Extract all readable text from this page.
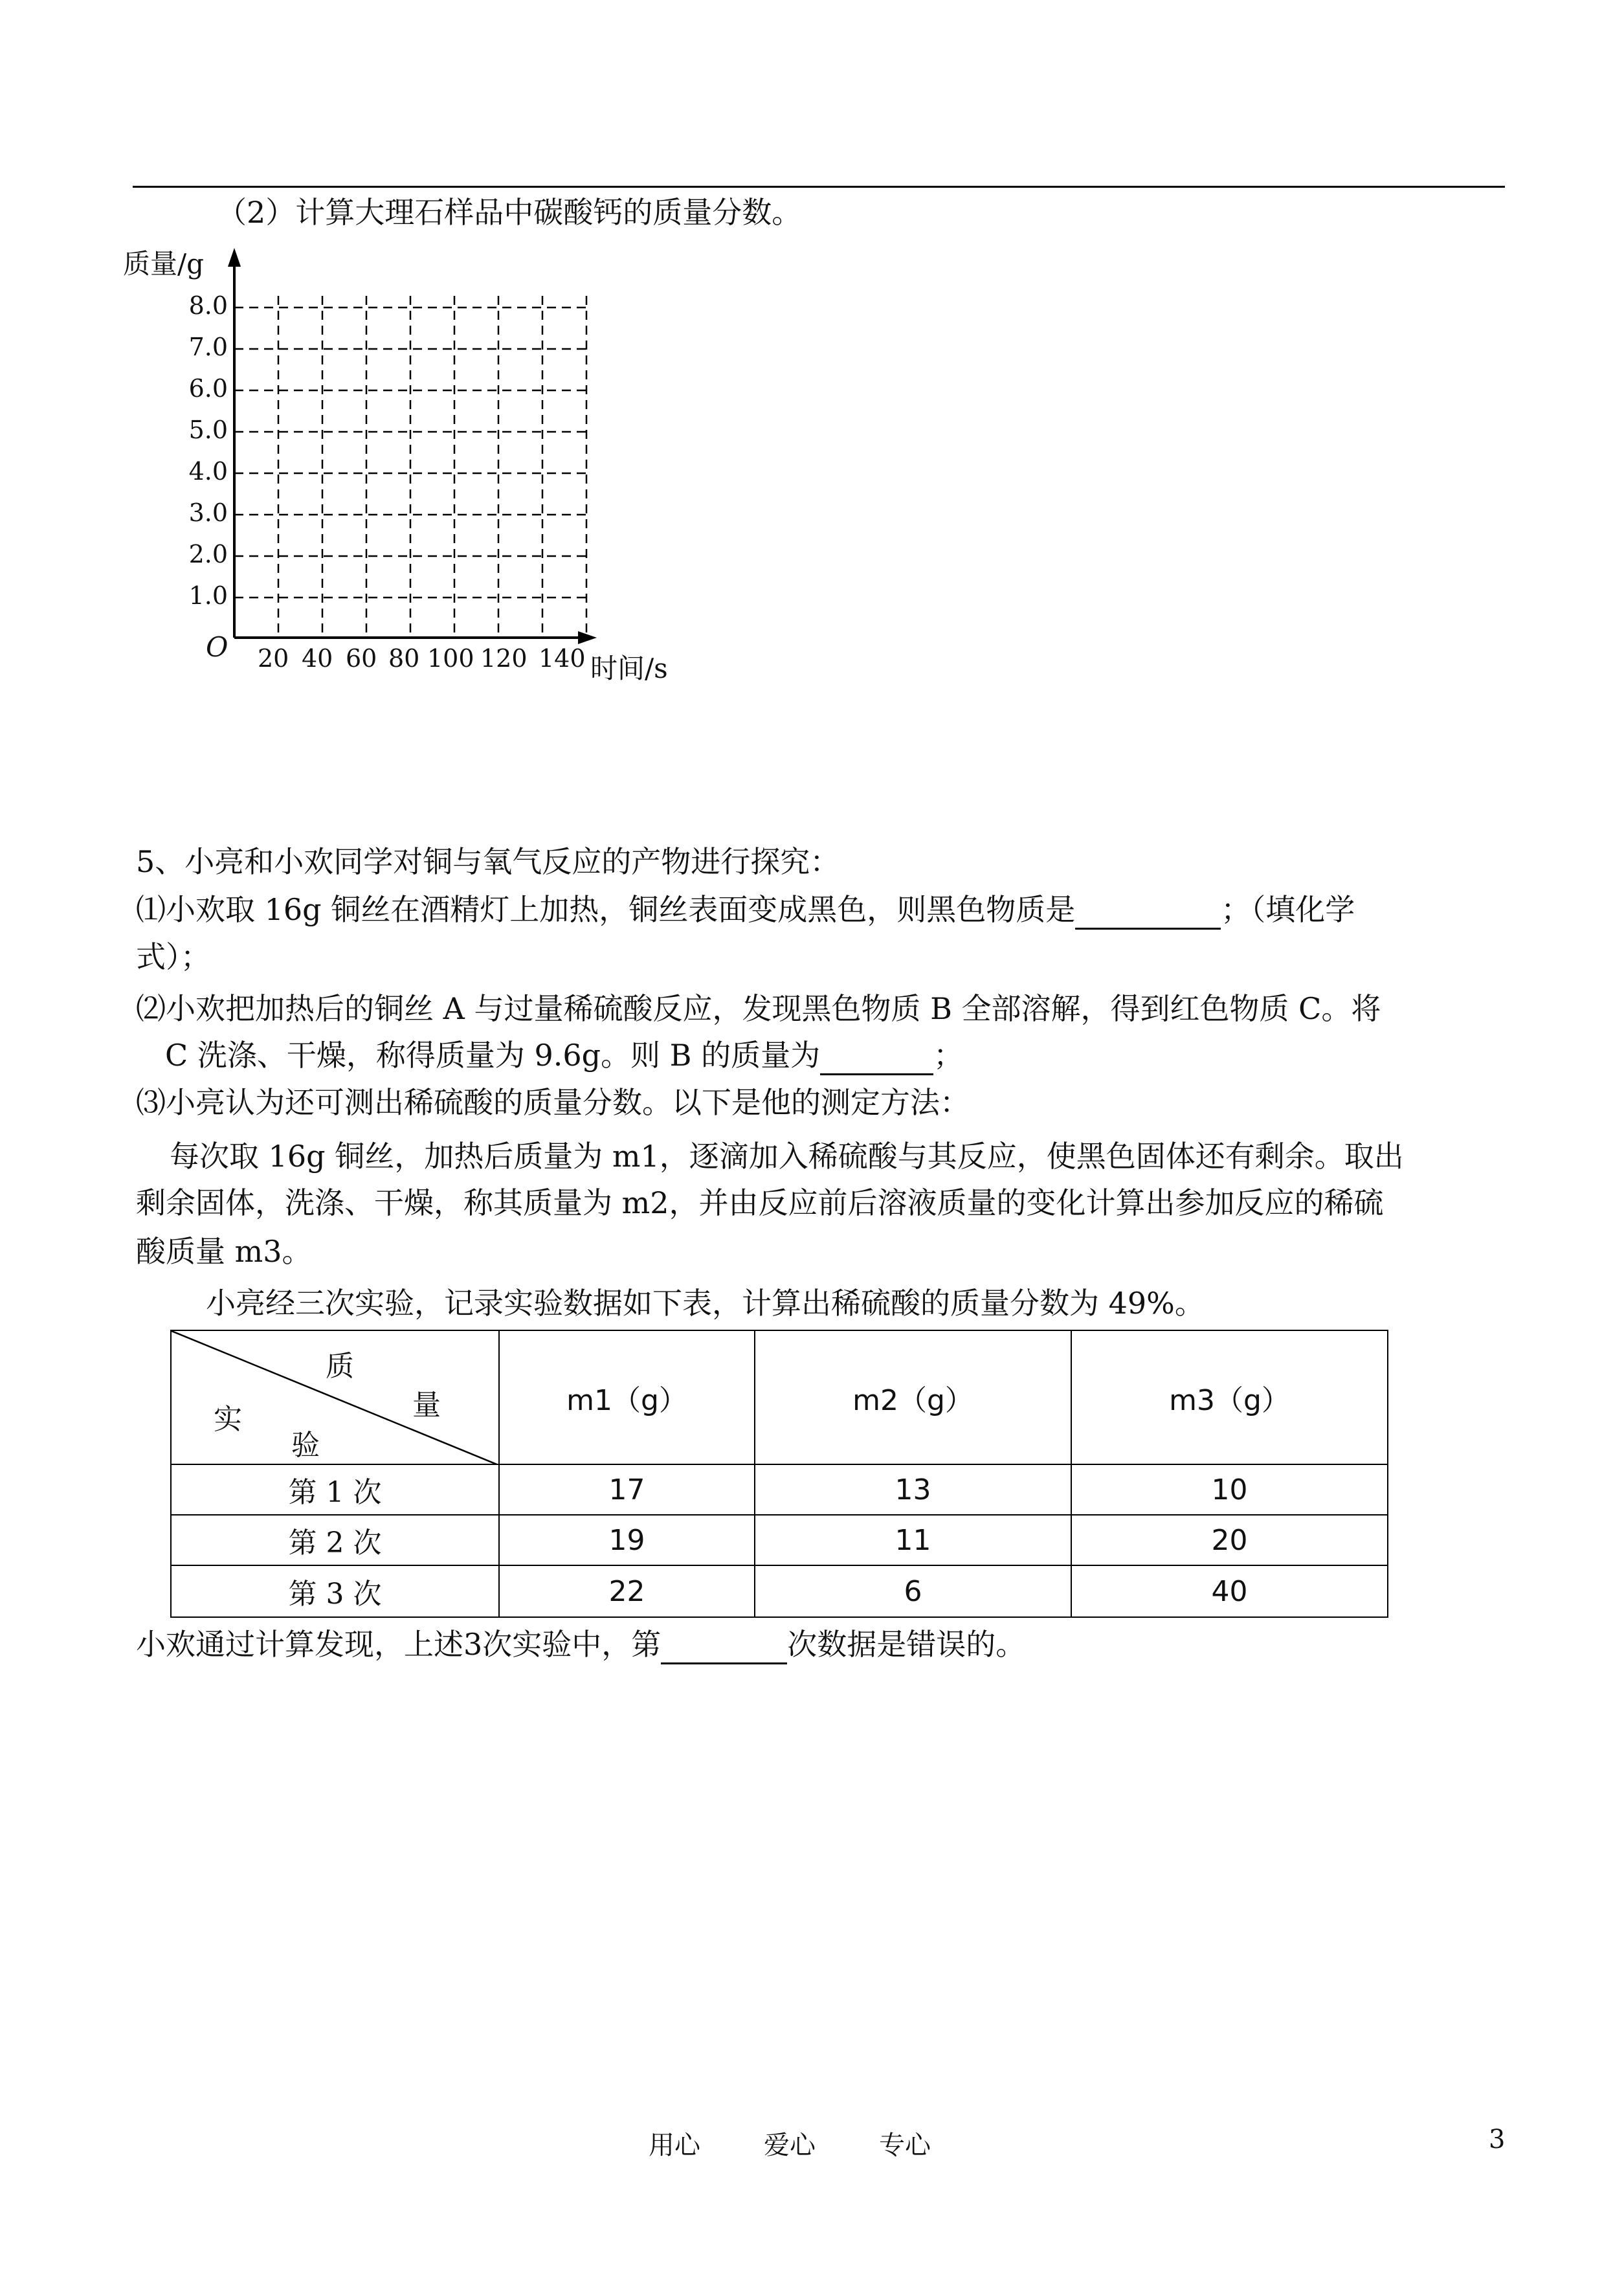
（2）计算大理石样品中碳酸钙的质量分数。
质量/g
O
时间/s
8.0
7.0
6.0
5.0
4.0
3.0
2.0
1.0
20 40 60 80 100 120 140
5、小亮和小欢同学对铜与氧气反应的产物进行探究：
⑴小欢取 16g 铜丝在酒精灯上加热，铜丝表面变成黑色，则黑色物质是	；（填化学
式）；
⑵小欢把加热后的铜丝 A 与过量稀硫酸反应，发现黑色物质 B 全部溶解，得到红色物质 C。将
C 洗涤、干燥，称得质量为 9.6g。则 B 的质量为	；
⑶小亮认为还可测出稀硫酸的质量分数。以下是他的测定方法：
每次取 16g 铜丝，加热后质量为 m1，逐滴加入稀硫酸与其反应，使黑色固体还有剩余。取出
剩余固体，洗涤、干燥，称其质量为 m2，并由反应前后溶液质量的变化计算出参加反应的稀硫
酸质量 m3。
小亮经三次实验，记录实验数据如下表，计算出稀硫酸的质量分数为 49%。
质
量
实
验	m1（g）	m2（g）	m3（g）
第 1 次	17	13	10
第 2 次	19	11	20
第 3 次	22	6	40
小欢通过计算发现，上述3次实验中，第	次数据是错误的。
用心 爱心 专心	3
